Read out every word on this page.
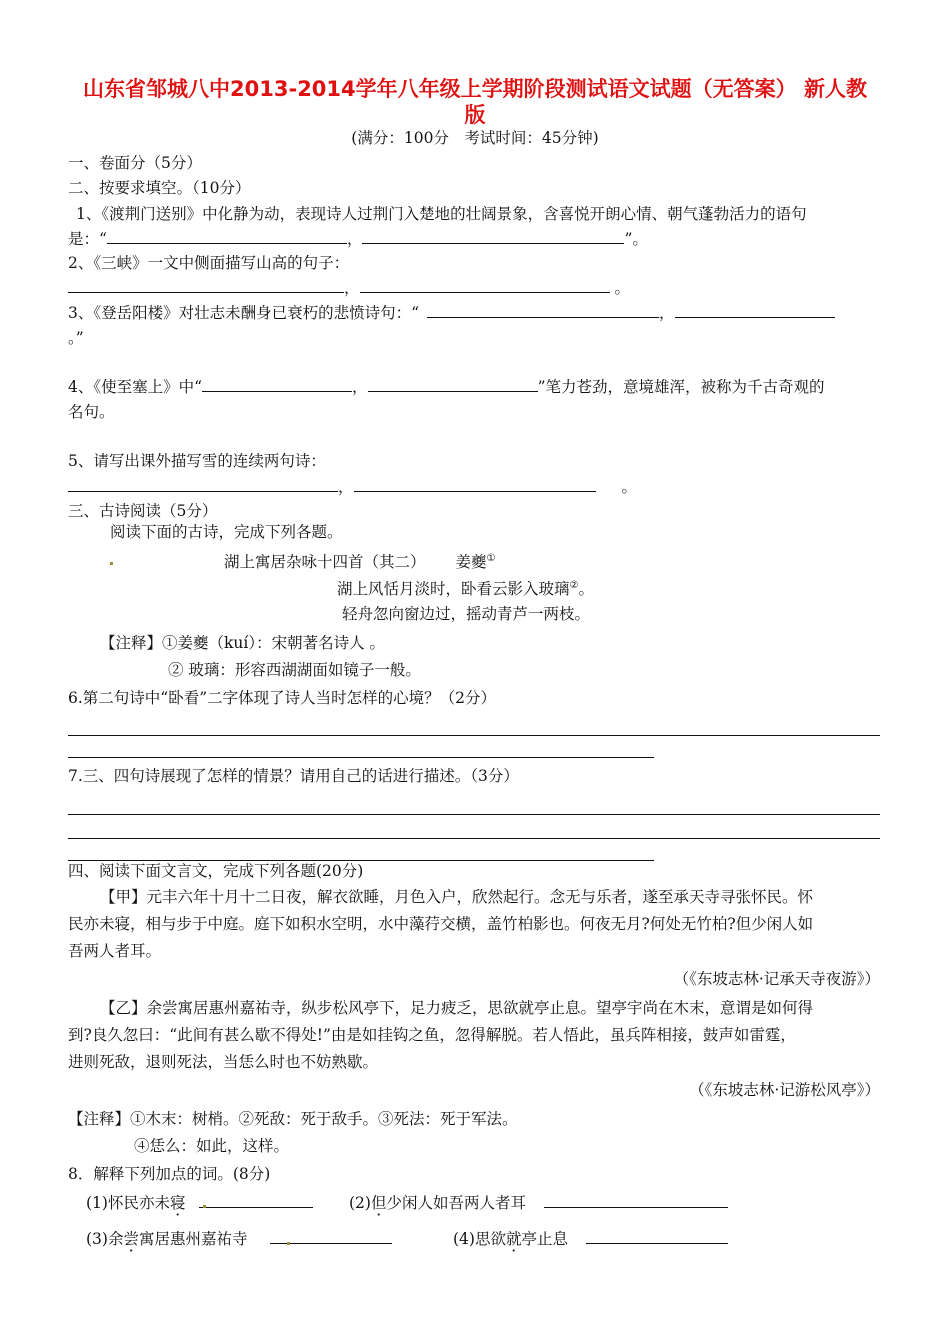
山东省邹城八中2013-2014学年八年级上学期阶段测试语文试题（无答案） 新人教
版
(满分：100分　考试时间：45分钟)
一、卷面分（5分）
二、按要求填空。（10分）
1、《渡荆门送别》中化静为动，表现诗人过荆门入楚地的壮阔景象，含喜悦开朗心情、朝气蓬勃活力的语句
是：“	，	”。
2、《三峡》一文中侧面描写山高的句子：
，	。
3、《登岳阳楼》对壮志未酬身已衰朽的悲愤诗句：“	，
。”
4、《使至塞上》中“	，	”笔力苍劲，意境雄浑，被称为千古奇观的
名句。
5、请写出课外描写雪的连续两句诗：
，	。
三、古诗阅读（5分）
阅读下面的古诗，完成下列各题。
湖上寓居杂咏十四首（其二） 姜夔①
湖上风恬月淡时，卧看云影入玻璃②。
轻舟忽向窗边过，摇动青芦一两枝。
【注释】①姜夔（kuí）：宋朝著名诗人 。
② 玻璃：形容西湖湖面如镜子一般。
6.第二句诗中“卧看”二字体现了诗人当时怎样的心境？（2分）
7.三、四句诗展现了怎样的情景？请用自己的话进行描述。（3分）
四、阅读下面文言文，完成下列各题(20分)
【甲】元丰六年十月十二日夜，解衣欲睡，月色入户，欣然起行。念无与乐者，遂至承天寺寻张怀民。怀
民亦未寝，相与步于中庭。庭下如积水空明，水中藻荇交横，盖竹柏影也。何夜无月?何处无竹柏?但少闲人如
吾两人者耳。
（《东坡志林·记承天寺夜游》）
【乙】余尝寓居惠州嘉祐寺，纵步松风亭下，足力疲乏，思欲就亭止息。望亭宇尚在木末，意谓是如何得
到?良久忽曰：“此间有甚么歇不得处!”由是如挂钩之鱼，忽得解脱。若人悟此，虽兵阵相接，鼓声如雷霆，
进则死敌，退则死法，当恁么时也不妨熟歇。
（《东坡志林·记游松风亭》）
【注释】①木末：树梢。②死敌：死于敌手。③死法：死于军法。
④恁么：如此，这样。
8．解释下列加点的词。(8分)
(1)怀民亦未寝	(2)但少闲人如吾两人者耳
(3)余尝寓居惠州嘉祐寺	(4)思欲就亭止息
